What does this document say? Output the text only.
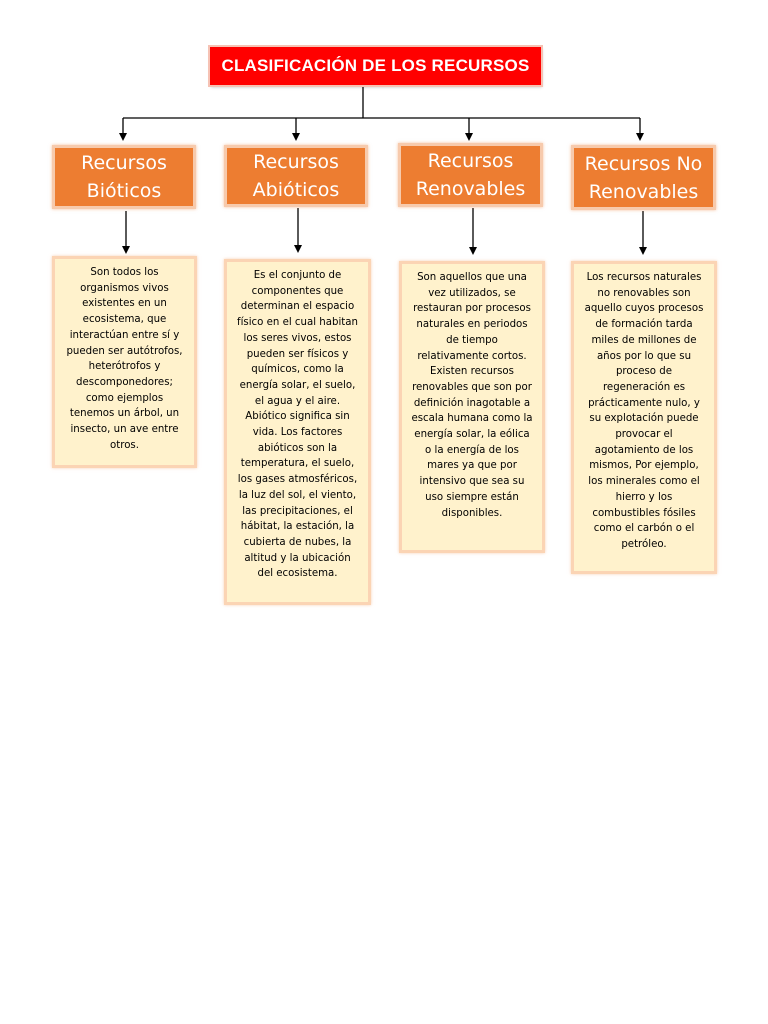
CLASIFICACIÓN DE LOS RECURSOS
Recursos Bióticos
Recursos Abióticos
Recursos Renovables
Recursos No Renovables
Son todos los organismos vivos existentes en un ecosistema, que interactúan entre sí y pueden ser autótrofos, heterótrofos y descomponedores; como ejemplos tenemos un árbol, un insecto, un ave entre otros.
Es el conjunto de componentes que determinan el espacio físico en el cual habitan los seres vivos, estos pueden ser físicos y químicos, como la energía solar, el suelo, el agua y el aire. Abiótico significa sin vida. Los factores abióticos son la temperatura, el suelo, los gases atmosféricos, la luz del sol, el viento, las precipitaciones, el hábitat, la estación, la cubierta de nubes, la altitud y la ubicación del ecosistema.
Son aquellos que una vez utilizados, se restauran por procesos naturales en periodos de tiempo relativamente cortos. Existen recursos renovables que son por definición inagotable a escala humana como la energía solar, la eólica o la energía de los mares ya que por intensivo que sea su uso siempre están disponibles.
Los recursos naturales no renovables son aquello cuyos procesos de formación tarda miles de millones de años por lo que su proceso de regeneración es prácticamente nulo, y su explotación puede provocar el agotamiento de los mismos, Por ejemplo, los minerales como el hierro y los combustibles fósiles como el carbón o el petróleo.
